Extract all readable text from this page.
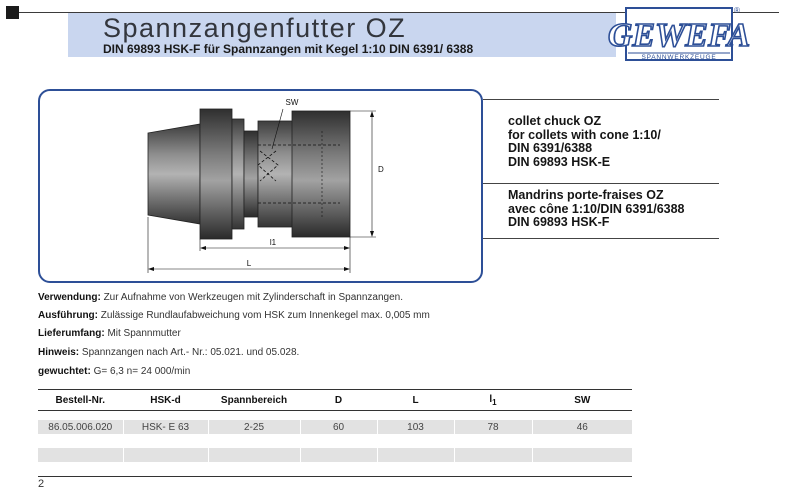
Spannzangenfutter OZ
DIN 69893 HSK-F für Spannzangen mit Kegel 1:10 DIN 6391/ 6388	GEWEFA
SPANNWERKZEUGE
®
SW
D
l1
L
collet chuck OZ
for collets with cone 1:10/
DIN 6391/6388
DIN 69893 HSK-E
Mandrins porte-fraises OZ
avec cône 1:10/DIN 6391/6388
DIN 69893 HSK-F
Verwendung: Zur Aufnahme von Werkzeugen mit Zylinderschaft in Spannzangen.
Ausführung: Zulässige Rundlaufabweichung vom HSK zum Innenkegel max. 0,005 mm
Lieferumfang: Mit Spannmutter
Hinweis: Spannzangen nach Art.- Nr.: 05.021. und 05.028.
gewuchtet: G= 6,3 n= 24 000/min
Bestell-Nr.	HSK-d	Spannbereich	D	L	$l_1$	SW

86.05.006.020	HSK- E 63	2-25	60	103	78	46

2
